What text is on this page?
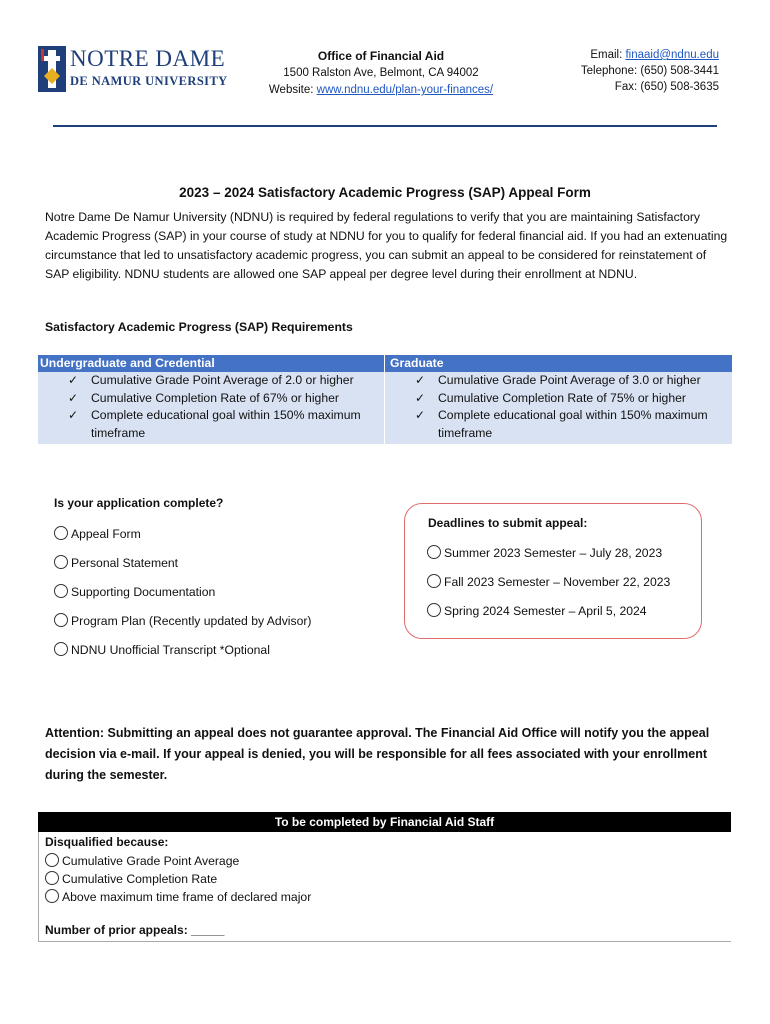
NOTRE DAME
DE NAMUR UNIVERSITY
Office of Financial Aid
1500 Ralston Ave, Belmont, CA 94002
Website: www.ndnu.edu/plan-your-finances/
Email: finaaid@ndnu.edu
Telephone: (650) 508-3441
Fax: (650) 508-3635
2023 – 2024 Satisfactory Academic Progress (SAP) Appeal Form
Notre Dame De Namur University (NDNU) is required by federal regulations to verify that you are maintaining Satisfactory Academic Progress (SAP) in your course of study at NDNU for you to qualify for federal financial aid. If you had an extenuating circumstance that led to unsatisfactory academic progress, you can submit an appeal to be considered for reinstatement of SAP eligibility. NDNU students are allowed one SAP appeal per degree level during their enrollment at NDNU.
Satisfactory Academic Progress (SAP) Requirements
Undergraduate and Credential
✓ Cumulative Grade Point Average of 2.0 or higher
✓ Cumulative Completion Rate of 67% or higher
✓ Complete educational goal within 150% maximum timeframe
Graduate
✓ Cumulative Grade Point Average of 3.0 or higher
✓ Cumulative Completion Rate of 75% or higher
✓ Complete educational goal within 150% maximum timeframe
Is your application complete?
Appeal Form
Personal Statement
Supporting Documentation
Program Plan (Recently updated by Advisor)
NDNU Unofficial Transcript *Optional
Deadlines to submit appeal:
Summer 2023 Semester – July 28, 2023
Fall 2023 Semester – November 22, 2023
Spring 2024 Semester – April 5, 2024
Attention: Submitting an appeal does not guarantee approval. The Financial Aid Office will notify you the appeal decision via e-mail. If your appeal is denied, you will be responsible for all fees associated with your enrollment during the semester.
To be completed by Financial Aid Staff
Disqualified because:
Cumulative Grade Point Average
Cumulative Completion Rate
Above maximum time frame of declared major
Number of prior appeals: _____
